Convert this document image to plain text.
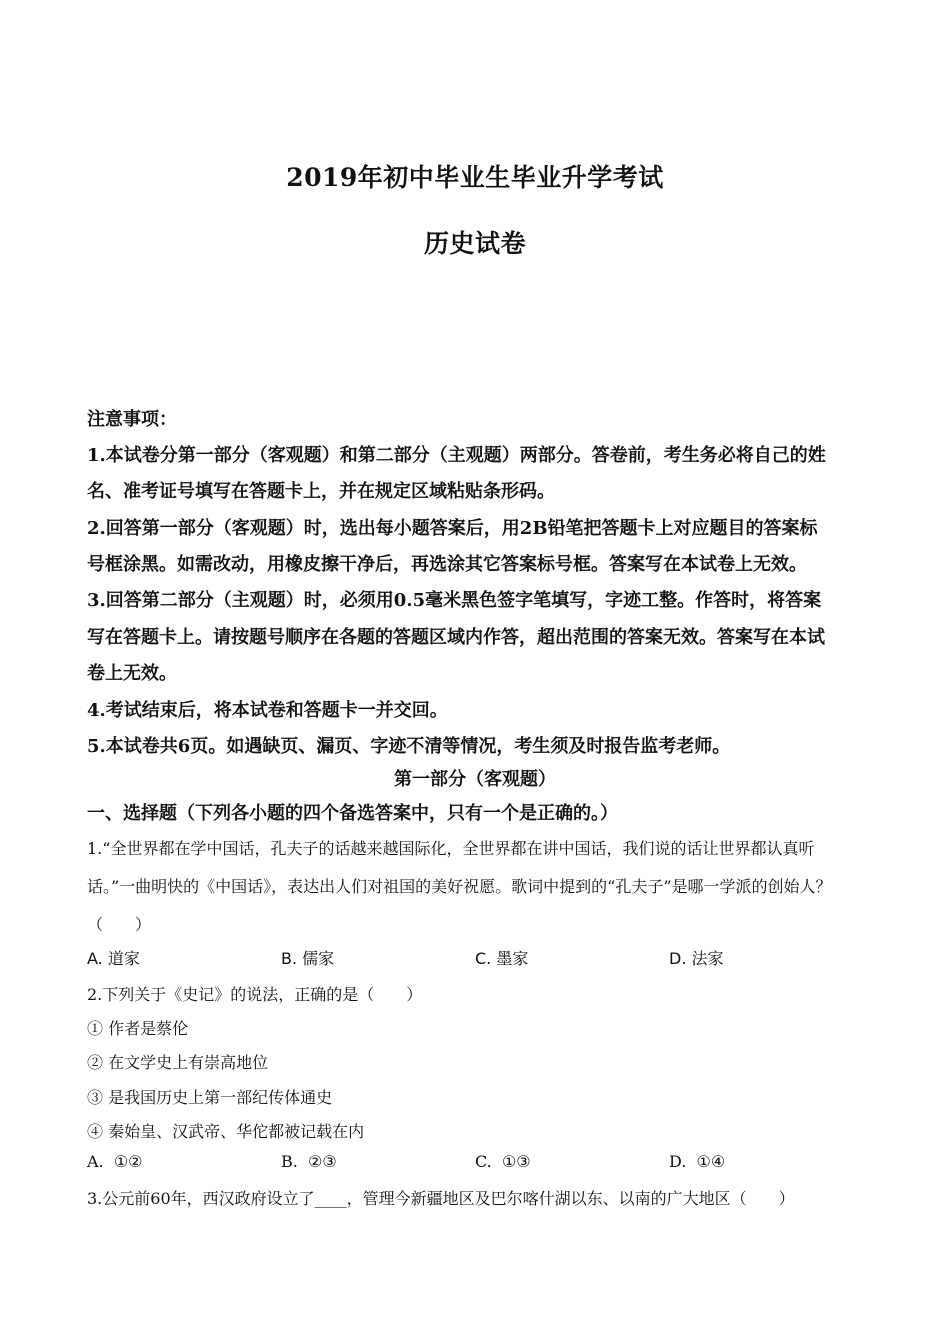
2019年初中毕业生毕业升学考试
历史试卷
注意事项：
1.本试卷分第一部分（客观题）和第二部分（主观题）两部分。答卷前，考生务必将自己的姓
名、准考证号填写在答题卡上，并在规定区域粘贴条形码。
2.回答第一部分（客观题）时，选出每小题答案后，用2B铅笔把答题卡上对应题目的答案标
号框涂黑。如需改动，用橡皮擦干净后，再选涂其它答案标号框。答案写在本试卷上无效。
3.回答第二部分（主观题）时，必须用0.5毫米黑色签字笔填写，字迹工整。作答时，将答案
写在答题卡上。请按题号顺序在各题的答题区域内作答，超出范围的答案无效。答案写在本试
卷上无效。
4.考试结束后，将本试卷和答题卡一并交回。
5.本试卷共6页。如遇缺页、漏页、字迹不清等情况，考生须及时报告监考老师。
第一部分（客观题）
一、选择题（下列各小题的四个备选答案中，只有一个是正确的。）
1.“全世界都在学中国话，孔夫子的话越来越国际化，全世界都在讲中国话，我们说的话让世界都认真听
话。”一曲明快的《中国话》，表达出人们对祖国的美好祝愿。歌词中提到的“孔夫子”是哪一学派的创始人？
（　　）
A. 道家	B. 儒家	C. 墨家	D. 法家
2.下列关于《史记》的说法，正确的是（　　）
① 作者是蔡伦
② 在文学史上有崇高地位
③ 是我国历史上第一部纪传体通史
④ 秦始皇、汉武帝、华佗都被记载在内
A. ①②	B. ②③	C. ①③	D. ①④
3.公元前60年，西汉政府设立了____，管理今新疆地区及巴尔喀什湖以东、以南的广大地区（　　）
